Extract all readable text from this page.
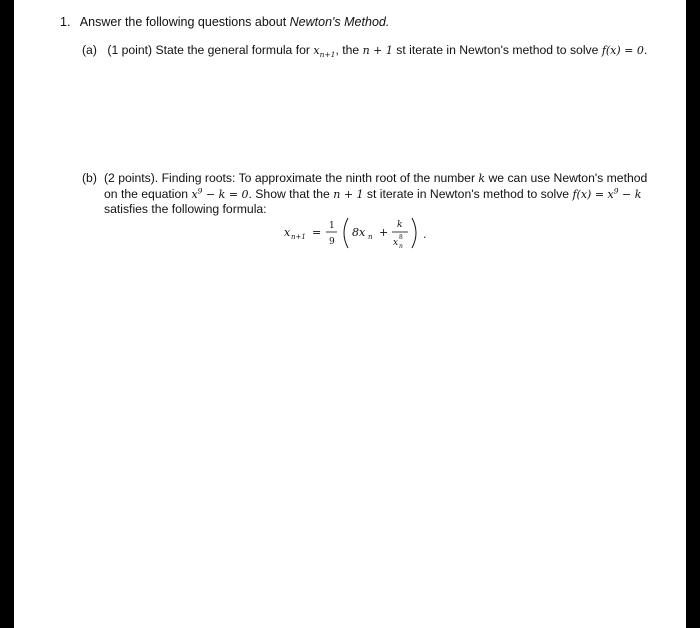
1. Answer the following questions about Newton's Method.
(a) (1 point) State the general formula for $x_{n+1}$, the n + 1 st iterate in Newton's method to solve f(x) = 0.
(b) (2 points). Finding roots: To approximate the ninth root of the number k we can use Newton's method
on the equation $x^9 - k = 0$. Show that the n + 1 st iterate in Newton's method to solve $f(x) = x^9 - k$
satisfies the following formula:
x n+1 = 1
9
8x n +
k
x
8
n
.
